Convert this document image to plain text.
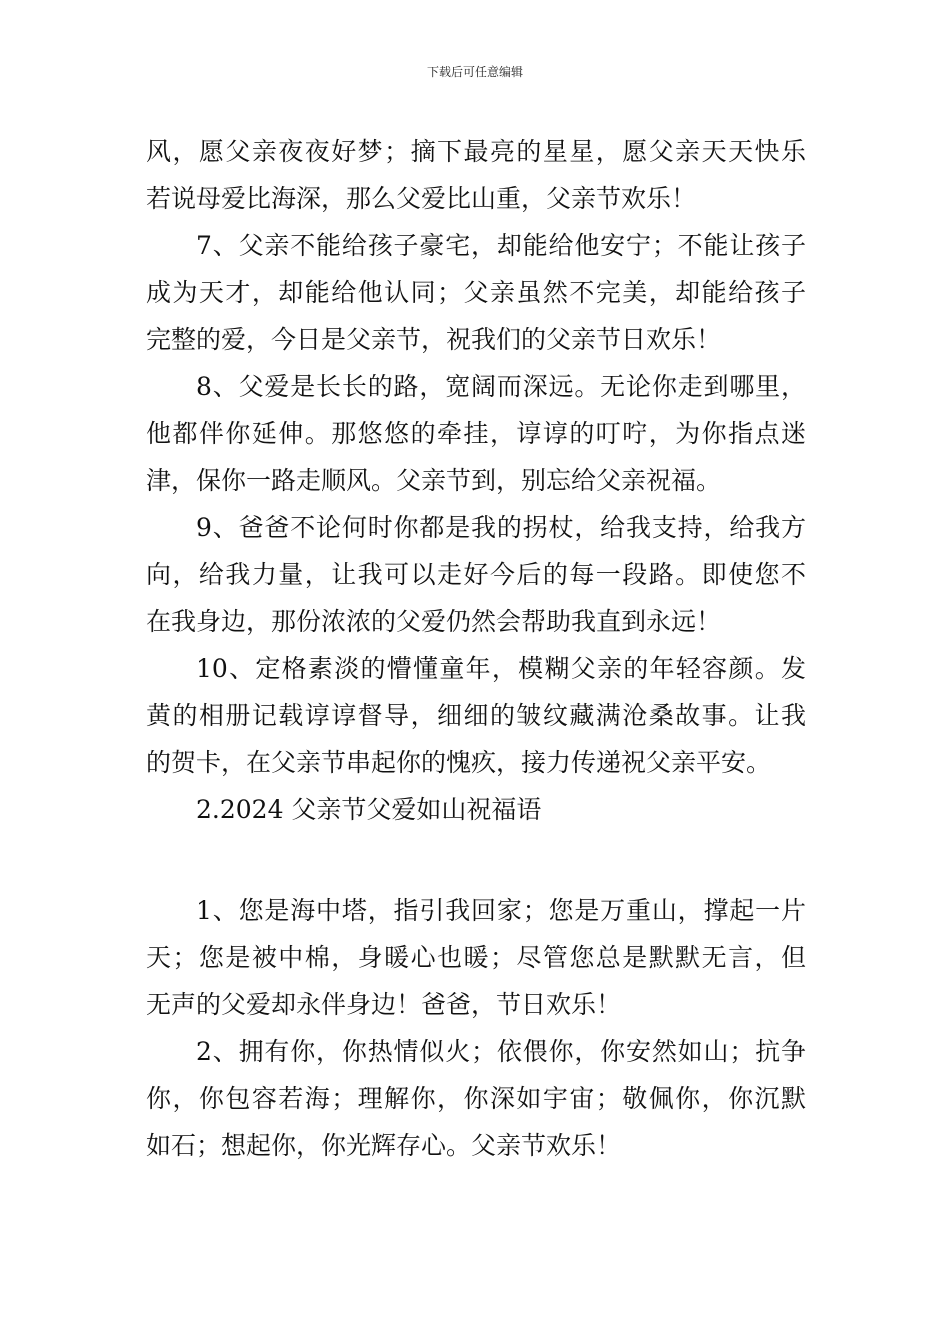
下载后可任意编辑
风，愿父亲夜夜好梦；摘下最亮的星星，愿父亲天天快乐
若说母爱比海深，那么父爱比山重，父亲节欢乐！
7、父亲不能给孩子豪宅，却能给他安宁；不能让孩子
成为天才，却能给他认同；父亲虽然不完美，却能给孩子
完整的爱，今日是父亲节，祝我们的父亲节日欢乐！
8、父爱是长长的路，宽阔而深远。无论你走到哪里，
他都伴你延伸。那悠悠的牵挂，谆谆的叮咛，为你指点迷
津，保你一路走顺风。父亲节到，别忘给父亲祝福。
9、爸爸不论何时你都是我的拐杖，给我支持，给我方
向，给我力量，让我可以走好今后的每一段路。即使您不
在我身边，那份浓浓的父爱仍然会帮助我直到永远！
10、定格素淡的懵懂童年，模糊父亲的年轻容颜。发
黄的相册记载谆谆督导，细细的皱纹藏满沧桑故事。让我
的贺卡，在父亲节串起你的愧疚，接力传递祝父亲平安。
2.2024 父亲节父爱如山祝福语
1、您是海中塔，指引我回家；您是万重山，撑起一片
天；您是被中棉，身暖心也暖；尽管您总是默默无言，但
无声的父爱却永伴身边！爸爸，节日欢乐！
2、拥有你，你热情似火；依偎你，你安然如山；抗争
你，你包容若海；理解你，你深如宇宙；敬佩你，你沉默
如石；想起你，你光辉存心。父亲节欢乐！
